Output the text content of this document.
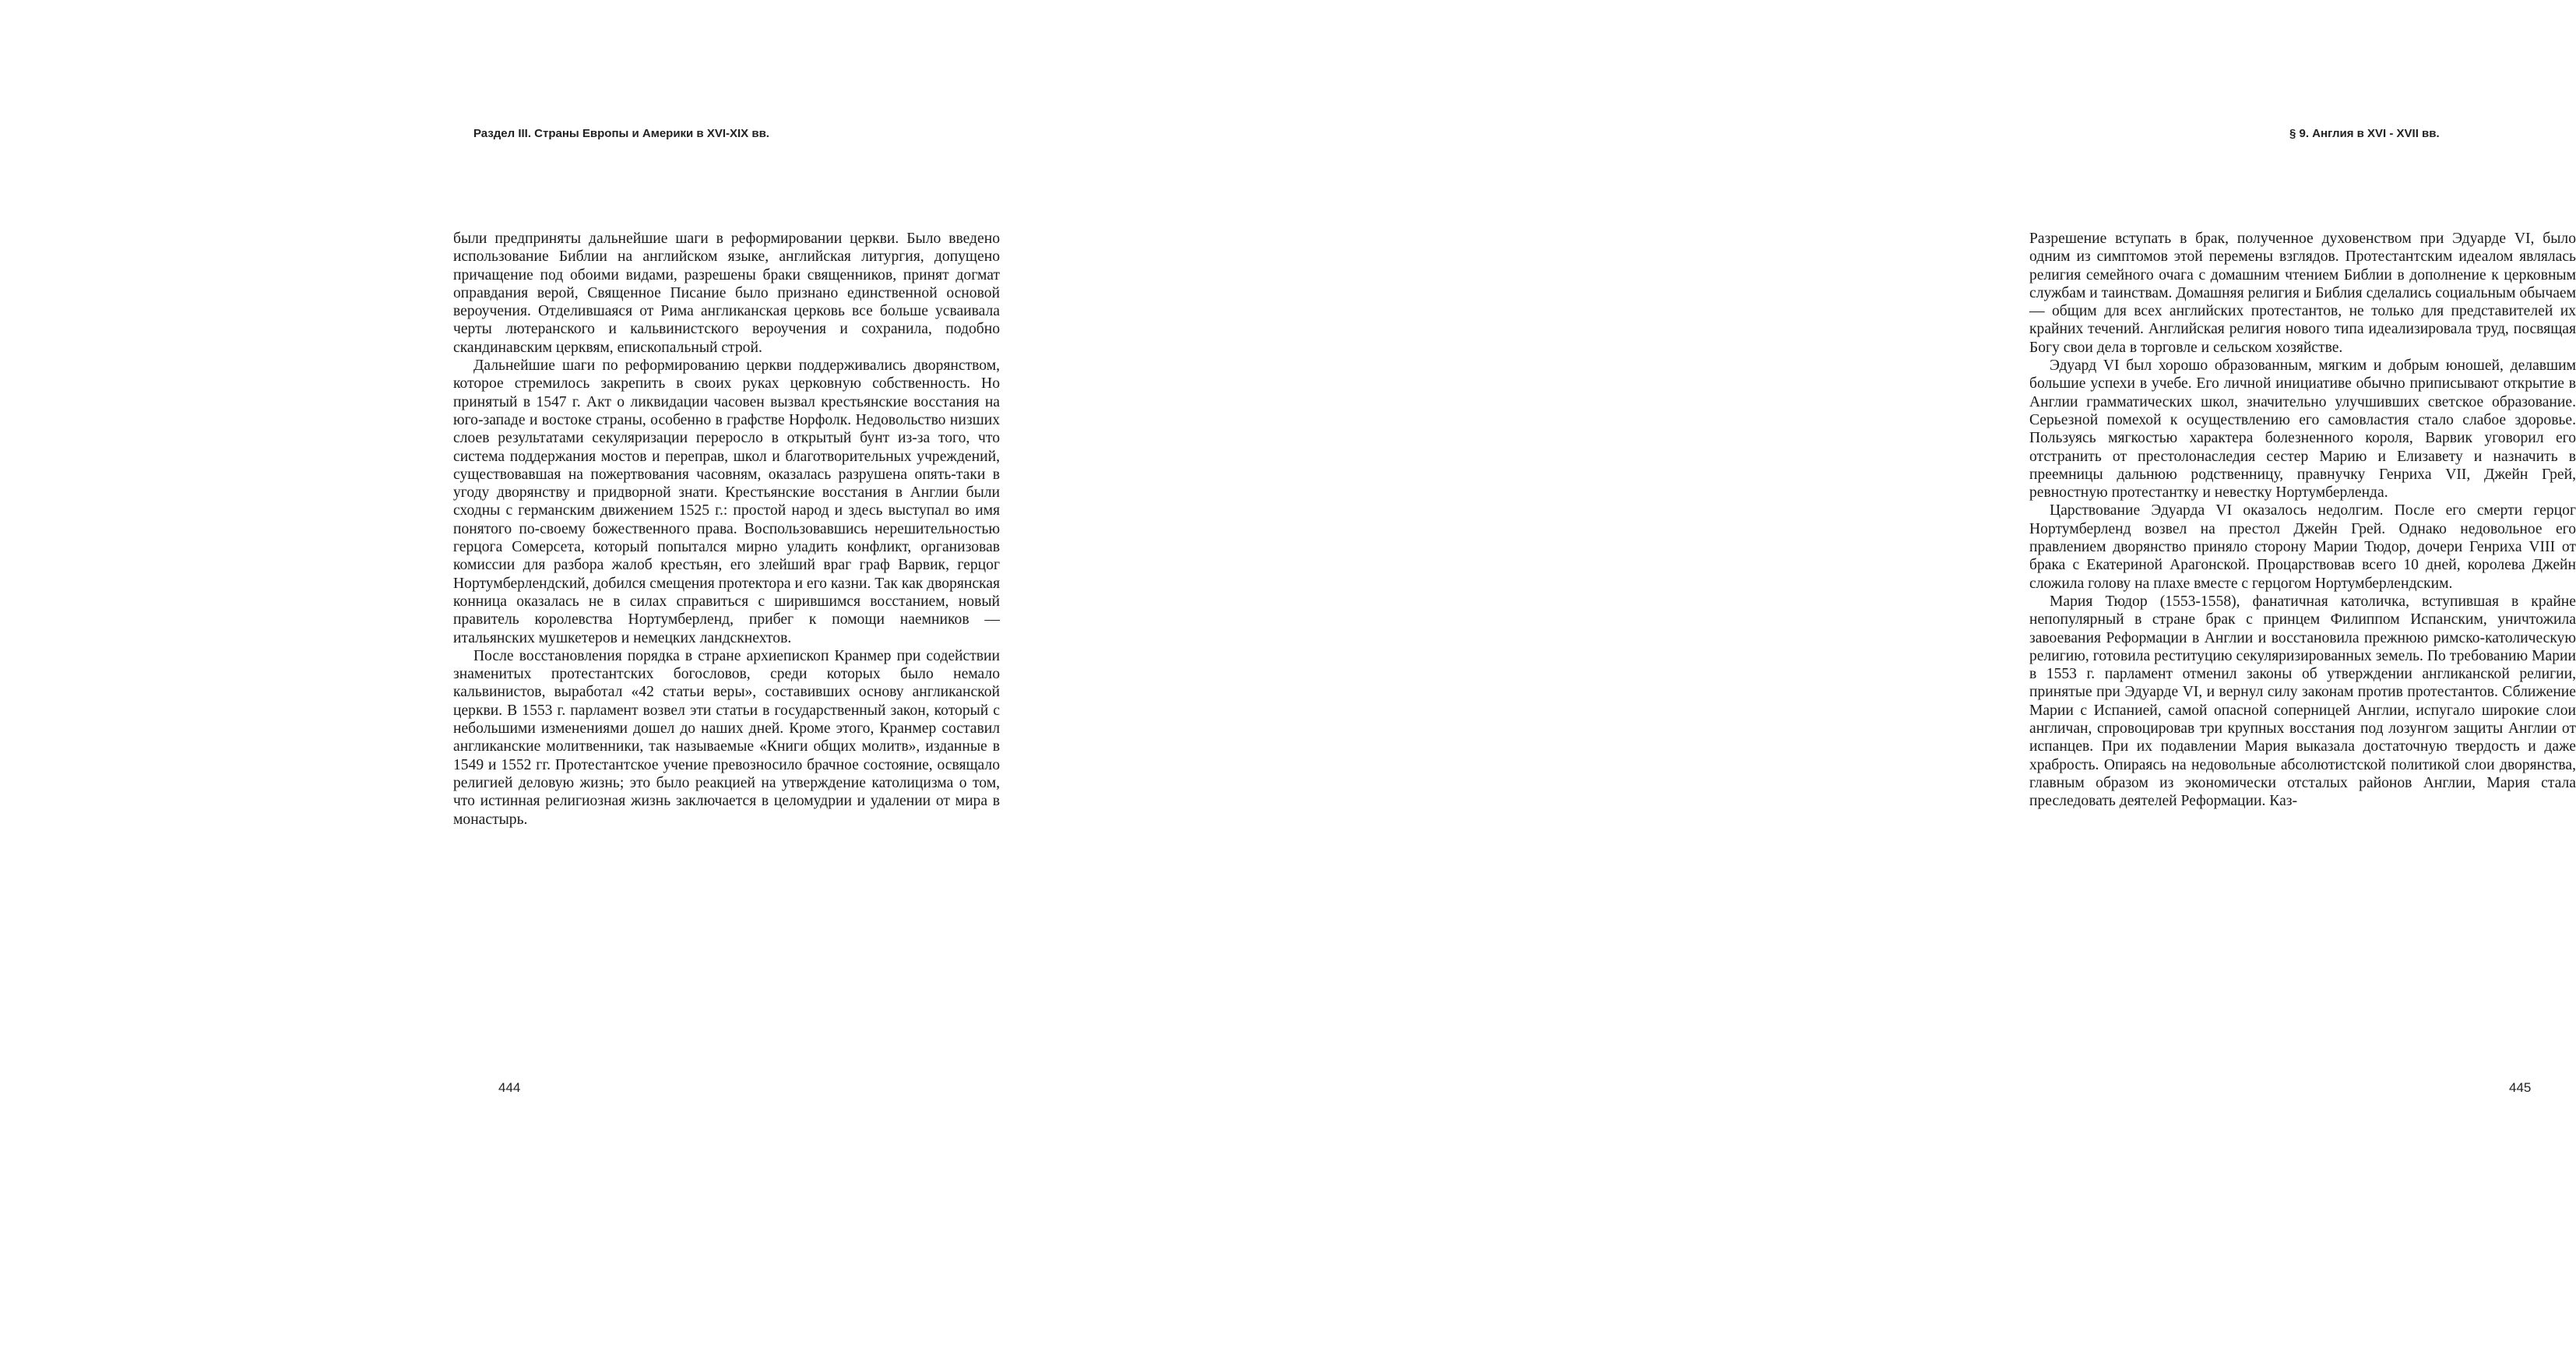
Раздел III. Страны Европы и Америки в XVI-XIX вв.

были предприняты дальнейшие шаги в реформировании церкви. Было введено использование Библии на английском языке, английская литургия, допущено причащение под обоими видами, разрешены браки священников, принят догмат оправдания верой, Священное Писание было признано единственной основой вероучения. Отделившаяся от Рима англиканская церковь все больше усваивала черты лютеранского и кальвинистского вероучения и сохранила, подобно скандинавским церквям, епископальный строй.

Дальнейшие шаги по реформированию церкви поддерживались дворянством, которое стремилось закрепить в своих руках церковную собственность. Но принятый в 1547 г. Акт о ликвидации часовен вызвал крестьянские восстания на юго-западе и востоке страны, особенно в графстве Норфолк. Недовольство низших слоев результатами секуляризации переросло в открытый бунт из-за того, что система поддержания мостов и переправ, школ и благотворительных учреждений, существовавшая на пожертвования часовням, оказалась разрушена опять-таки в угоду дворянству и придворной знати. Крестьянские восстания в Англии были сходны с германским движением 1525 г.: простой народ и здесь выступал во имя понятого по-своему божественного права. Воспользовавшись нерешительностью герцога Сомерсета, который попытался мирно уладить конфликт, организовав комиссии для разбора жалоб крестьян, его злейший враг граф Варвик, герцог Нортумберлендский, добился смещения протектора и его казни. Так как дворянская конница оказалась не в силах справиться с ширившимся восстанием, новый правитель королевства Нортумберленд, прибег к помощи наемников — итальянских мушкетеров и немецких ландскнехтов.

После восстановления порядка в стране архиепископ Кранмер при содействии знаменитых протестантских богословов, среди которых было немало кальвинистов, выработал «42 статьи веры», составивших основу англиканской церкви. В 1553 г. парламент возвел эти статьи в государственный закон, который с небольшими изменениями дошел до наших дней. Кроме этого, Кранмер составил англиканские молитвенники, так называемые «Книги общих молитв», изданные в 1549 и 1552 гг. Протестантское учение превозносило брачное состояние, освящало религией деловую жизнь; это было реакцией на утверждение католицизма о том, что истинная религиозная жизнь заключается в целомудрии и удалении от мира в монастырь.

444
§ 9. Англия в XVI - XVII вв.

Разрешение вступать в брак, полученное духовенством при Эдуарде VI, было одним из симптомов этой перемены взглядов. Протестантским идеалом являлась религия семейного очага с домашним чтением Библии в дополнение к церковным службам и таинствам. Домашняя религия и Библия сделались социальным обычаем — общим для всех английских протестантов, не только для представителей их крайних течений. Английская религия нового типа идеализировала труд, посвящая Богу свои дела в торговле и сельском хозяйстве.

Эдуард VI был хорошо образованным, мягким и добрым юношей, делавшим большие успехи в учебе. Его личной инициативе обычно приписывают открытие в Англии грамматических школ, значительно улучшивших светское образование. Серьезной помехой к осуществлению его самовластия стало слабое здоровье. Пользуясь мягкостью характера болезненного короля, Варвик уговорил его отстранить от престолонаследия сестер Марию и Елизавету и назначить в преемницы дальнюю родственницу, правнучку Генриха VII, Джейн Грей, ревностную протестантку и невестку Нортумберленда.

Царствование Эдуарда VI оказалось недолгим. После его смерти герцог Нортумберленд возвел на престол Джейн Грей. Однако недовольное его правлением дворянство приняло сторону Марии Тюдор, дочери Генриха VIII от брака с Екатериной Арагонской. Процарствовав всего 10 дней, королева Джейн сложила голову на плахе вместе с герцогом Нортумберлендским.

Мария Тюдор (1553-1558), фанатичная католичка, вступившая в крайне непопулярный в стране брак с принцем Филиппом Испанским, уничтожила завоевания Реформации в Англии и восстановила прежнюю римско-католическую религию, готовила реституцию секуляризированных земель. По требованию Марии в 1553 г. парламент отменил законы об утверждении англиканской религии, принятые при Эдуарде VI, и вернул силу законам против протестантов. Сближение Марии с Испанией, самой опасной соперницей Англии, испугало широкие слои англичан, спровоцировав три крупных восстания под лозунгом защиты Англии от испанцев. При их подавлении Мария выказала достаточную твердость и даже храбрость. Опираясь на недовольные абсолютистской политикой слои дворянства, главным образом из экономически отсталых районов Англии, Мария стала преследовать деятелей Реформации. Каз-

445
